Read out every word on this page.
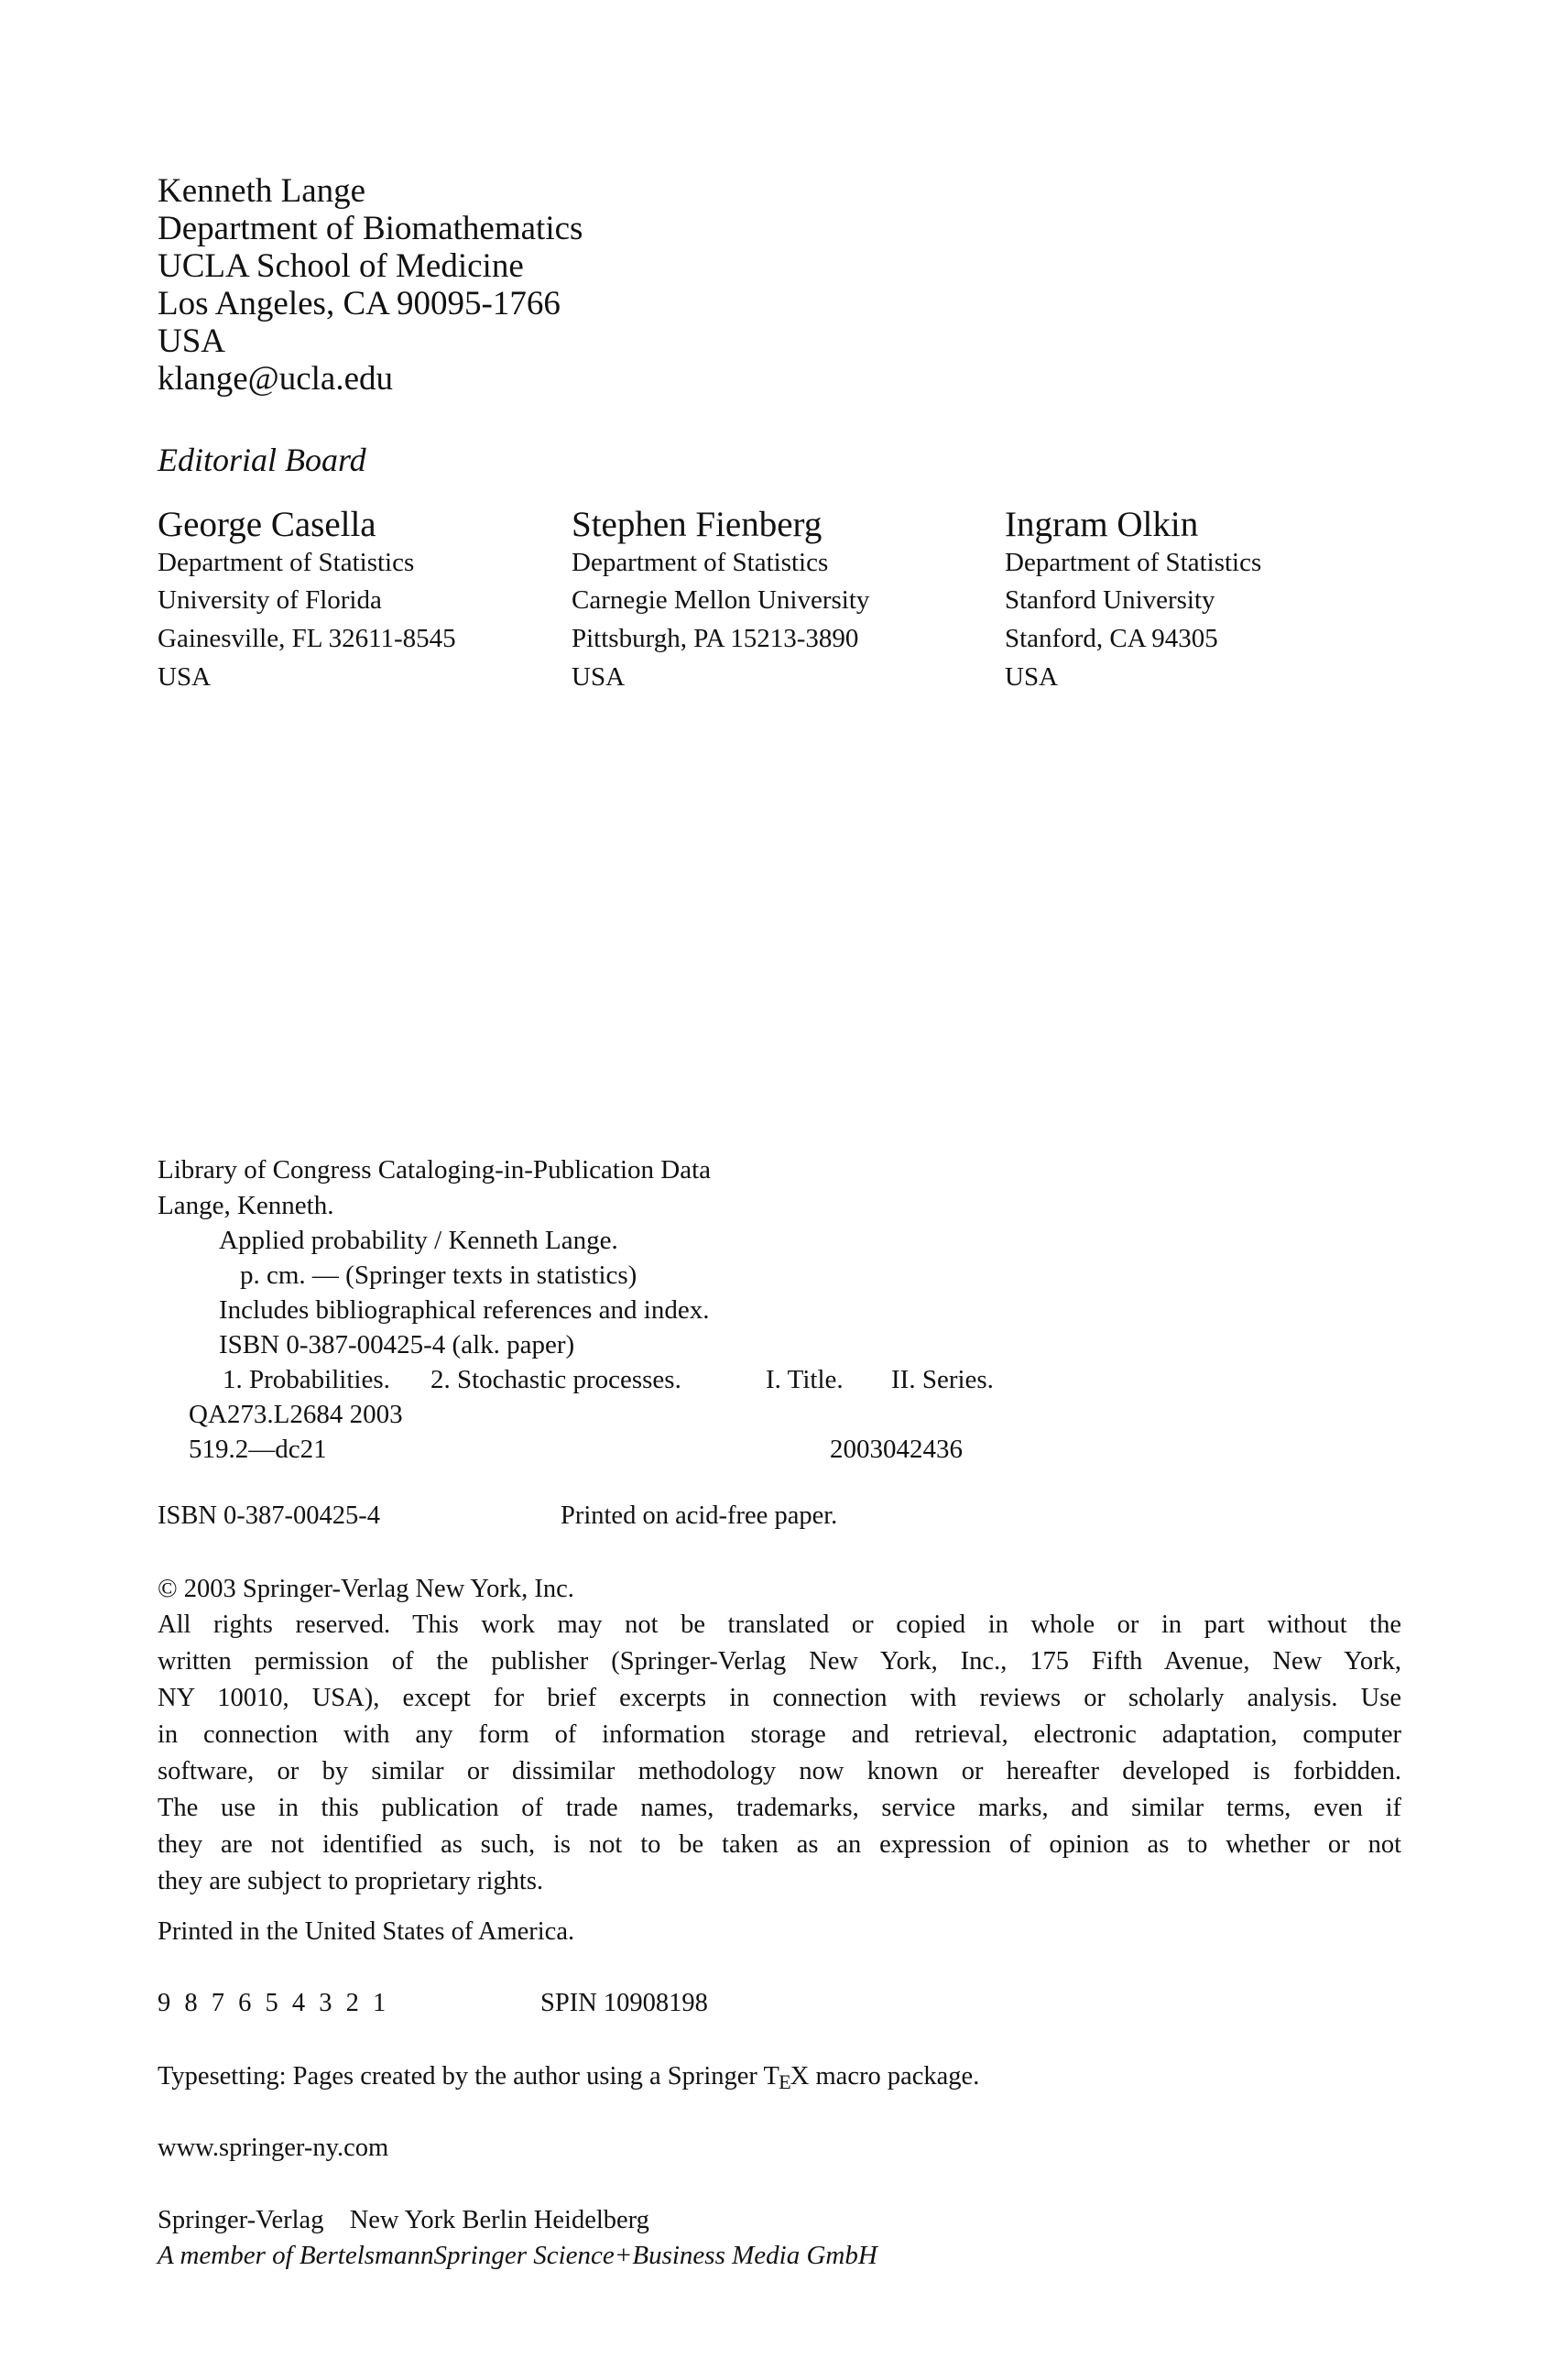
Kenneth Lange
Department of Biomathematics
UCLA School of Medicine
Los Angeles, CA 90095-1766
USA
klange@ucla.edu
Editorial Board
George Casella
Department of Statistics
University of Florida
Gainesville, FL 32611-8545
USA
Stephen Fienberg
Department of Statistics
Carnegie Mellon University
Pittsburgh, PA 15213-3890
USA
Ingram Olkin
Department of Statistics
Stanford University
Stanford, CA 94305
USA
Library of Congress Cataloging-in-Publication Data
Lange, Kenneth.
Applied probability / Kenneth Lange.
p. cm. — (Springer texts in statistics)
Includes bibliographical references and index.
ISBN 0-387-00425-4 (alk. paper)
1. Probabilities. 2. Stochastic processes.	I. Title. II. Series.
QA273.L2684 2003
519.2—dc21	2003042436
ISBN 0-387-00425-4	Printed on acid-free paper.
© 2003 Springer-Verlag New York, Inc.
All rights reserved. This work may not be translated or copied in whole or in part without the
written permission of the publisher (Springer-Verlag New York, Inc., 175 Fifth Avenue, New York,
NY 10010, USA), except for brief excerpts in connection with reviews or scholarly analysis. Use
in connection with any form of information storage and retrieval, electronic adaptation, computer
software, or by similar or dissimilar methodology now known or hereafter developed is forbidden.
The use in this publication of trade names, trademarks, service marks, and similar terms, even if
they are not identified as such, is not to be taken as an expression of opinion as to whether or not
they are subject to proprietary rights.
Printed in the United States of America.
9 8 7 6 5 4 3 2 1	SPIN 10908198
Typesetting: Pages created by the author using a Springer TEX macro package.
www.springer-ny.com
Springer-Verlag New York Berlin Heidelberg
A member of BertelsmannSpringer Science+Business Media GmbH
